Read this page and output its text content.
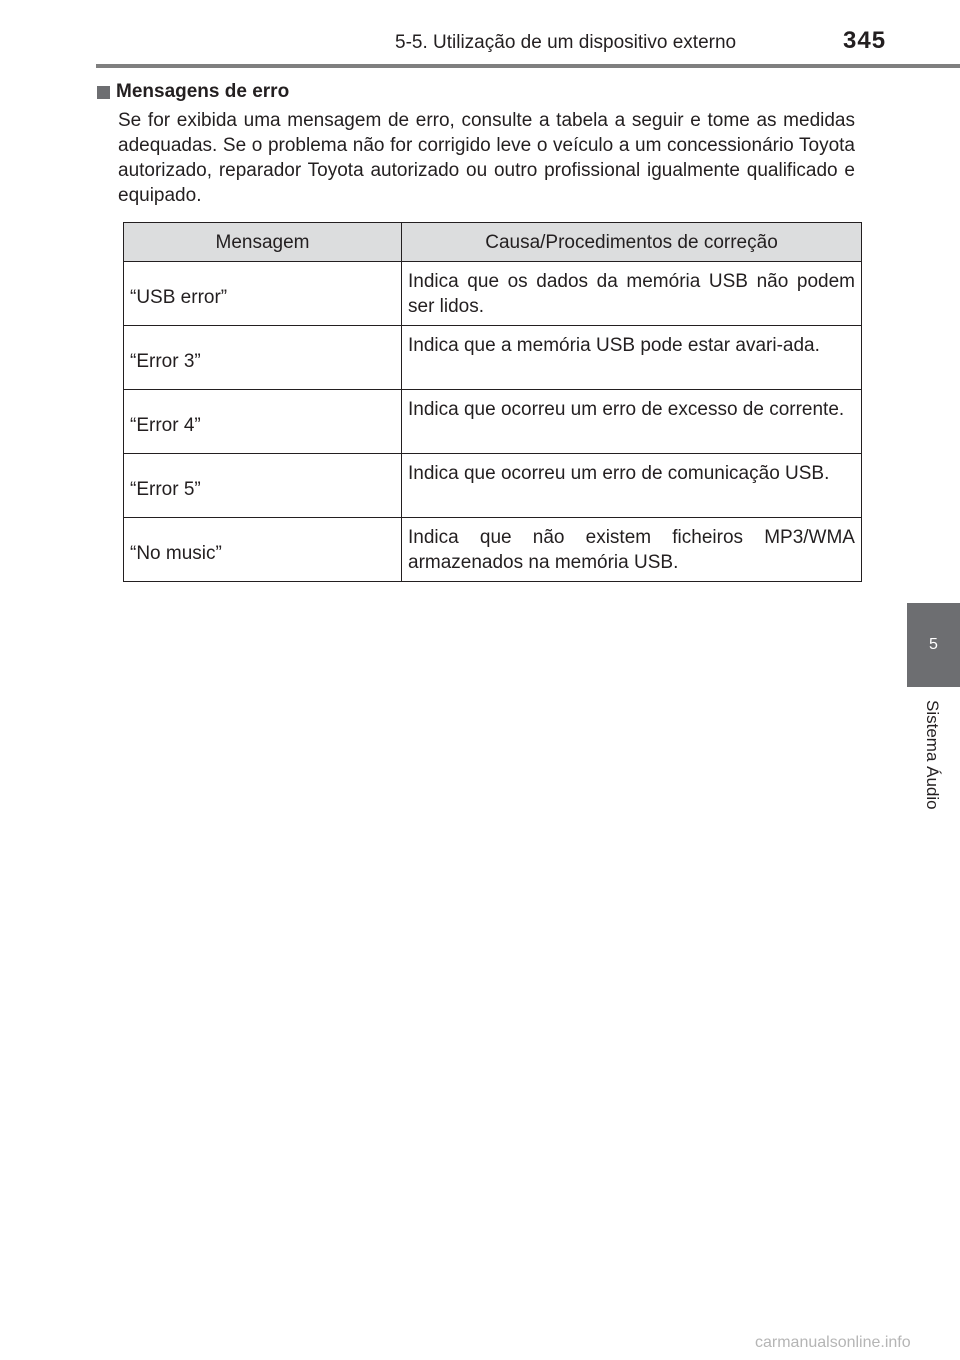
5-5. Utilização de um dispositivo externo	345
5
Sistema Áudio
Mensagens de erro

Se for exibida uma mensagem de erro, consulte a tabela a seguir e tome as medidas adequadas. Se o problema não for corrigido leve o veículo a um concessionário Toyota autorizado, reparador Toyota autorizado ou outro profissional igualmente qualificado e equipado.

Mensagem	Causa/Procedimentos de correção
“USB error”	Indica que os dados da memória USB não podem ser lidos.
“Error 3”	Indica que a memória USB pode estar avari-ada.
“Error 4”	Indica que ocorreu um erro de excesso de corrente.
“Error 5”	Indica que ocorreu um erro de comunicação USB.
“No music”	Indica que não existem ficheiros MP3/WMA armazenados na memória USB.
carmanualsonline.info
